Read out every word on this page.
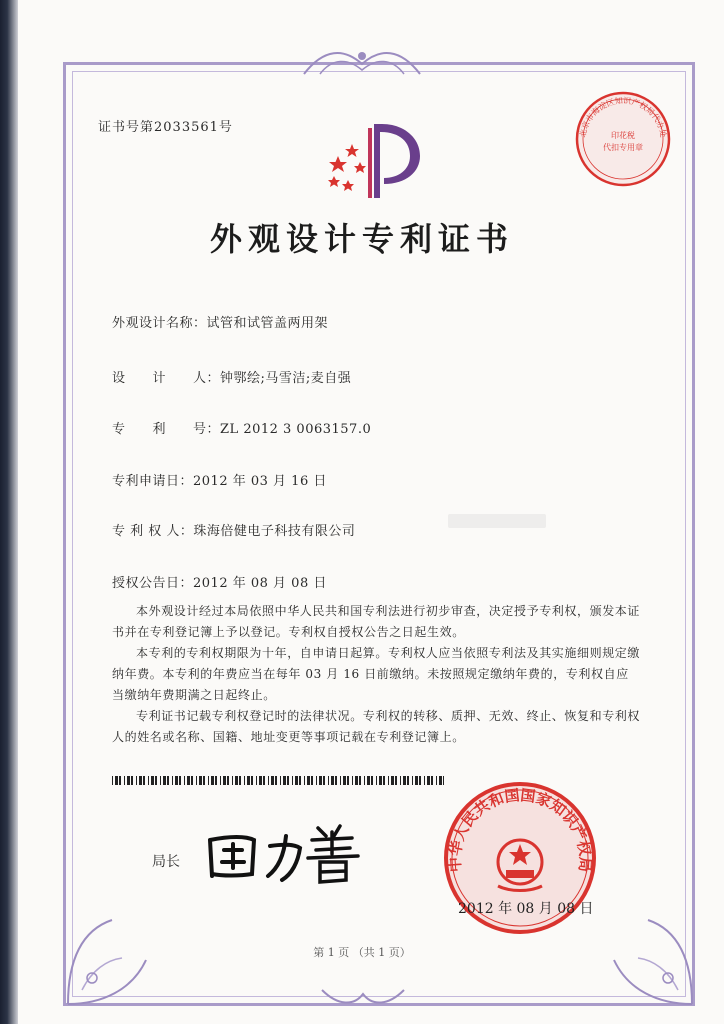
证书号第2033561号
外观设计专利证书
外观设计名称：试管和试管盖两用架
设　　计　　人：钟鄂绘;马雪洁;麦自强
专　　利　　号：ZL 2012 3 0063157.0
专利申请日：2012 年 03 月 16 日
专 利 权 人：珠海倍健电子科技有限公司
授权公告日：2012 年 08 月 08 日

本外观设计经过本局依照中华人民共和国专利法进行初步审查，决定授予专利权，颁发本证书并在专利登记簿上予以登记。专利权自授权公告之日起生效。

本专利的专利权期限为十年，自申请日起算。专利权人应当依照专利法及其实施细则规定缴纳年费。本专利的年费应当在每年 03 月 16 日前缴纳。未按照规定缴纳年费的，专利权自应当缴纳年费期满之日起终止。

专利证书记载专利权登记时的法律状况。专利权的转移、质押、无效、终止、恢复和专利权人的姓名或名称、国籍、地址变更等事项记载在专利登记簿上。

局长	中华人民共和国国家知识产权局
2012 年 08 月 08 日
北京市海淀区知识产权局代办处
印花税
代扣专用章
第 1 页 （共 1 页）
